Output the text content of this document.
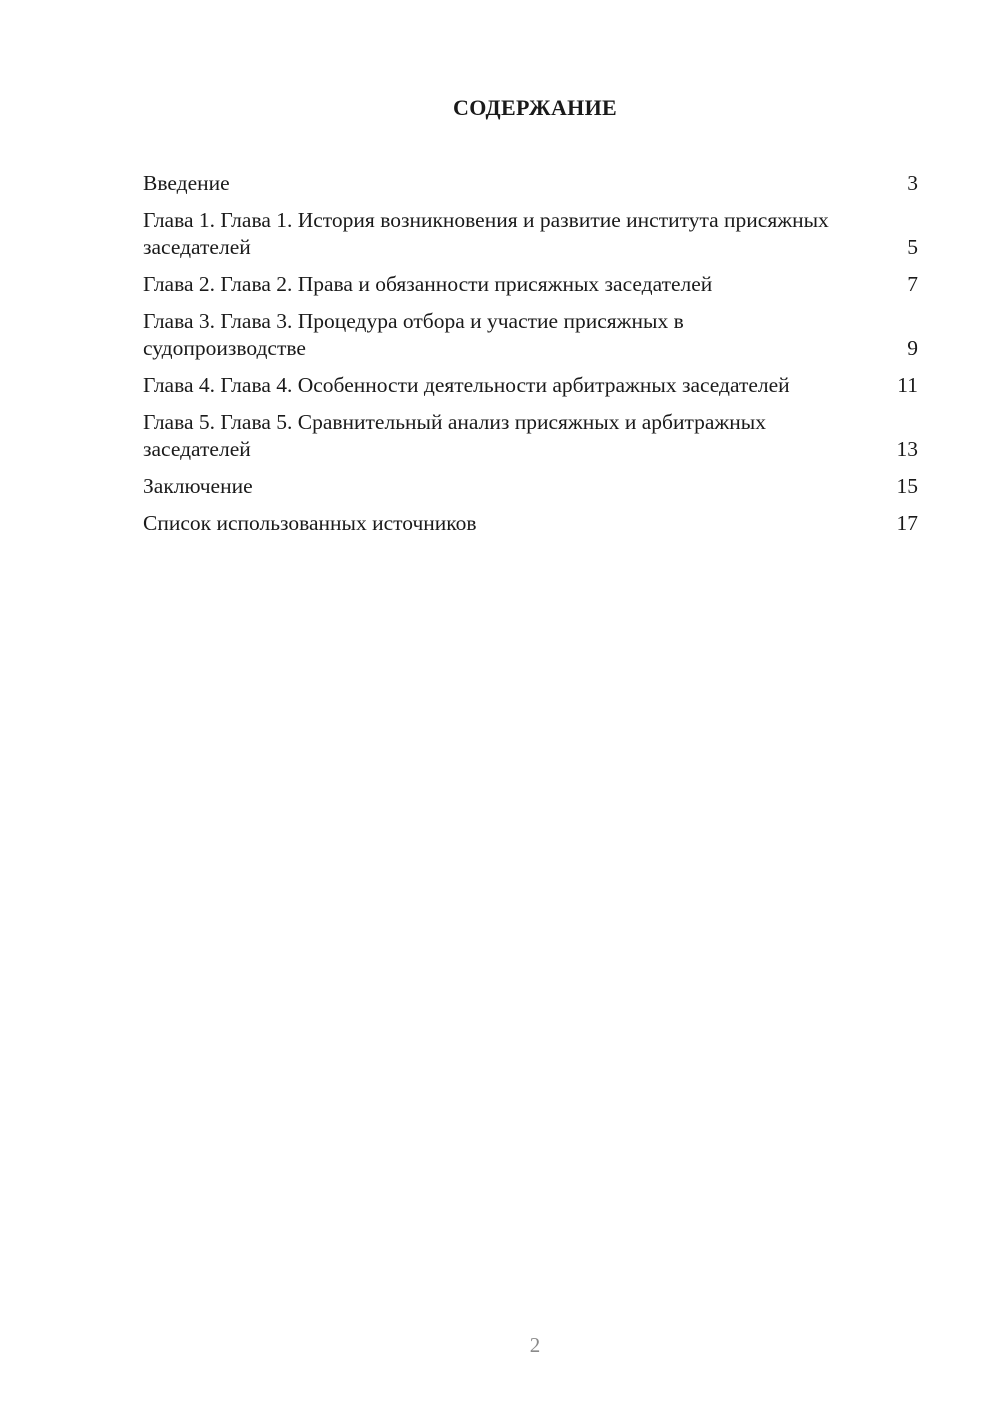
СОДЕРЖАНИЕ
Введение	3
Глава 1. Глава 1. История возникновения и развитие института присяжных заседателей	5
Глава 2. Глава 2. Права и обязанности присяжных заседателей	7
Глава 3. Глава 3. Процедура отбора и участие присяжных в судопроизводстве	9
Глава 4. Глава 4. Особенности деятельности арбитражных заседателей	11
Глава 5. Глава 5. Сравнительный анализ присяжных и арбитражных заседателей	13
Заключение	15
Список использованных источников	17
2
